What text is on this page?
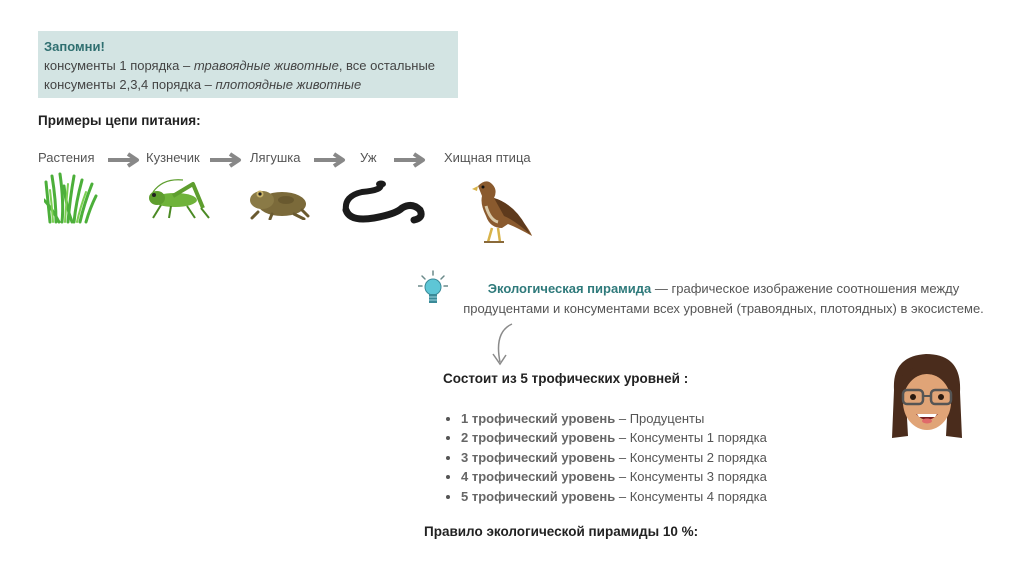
Запомни!
консументы 1 порядка – травоядные животные, все остальные
консументы 2,3,4 порядка – плотоядные животные
Примеры цепи питания:
Растения	Кузнечик	Лягушка	Уж	Хищная птица
Экологическая пирамида — графическое изображение соотношения между продуцентами и консументами всех уровней (травоядных, плотоядных) в экосистеме.
Состоит из 5 трофических уровней :
• 1 трофический уровень – Продуценты
• 2 трофический уровень – Консументы 1 порядка
• 3 трофический уровень – Консументы 2 порядка
• 4 трофический уровень – Консументы 3 порядка
• 5 трофический уровень – Консументы 4 порядка
Правило экологической пирамиды 10 %:
